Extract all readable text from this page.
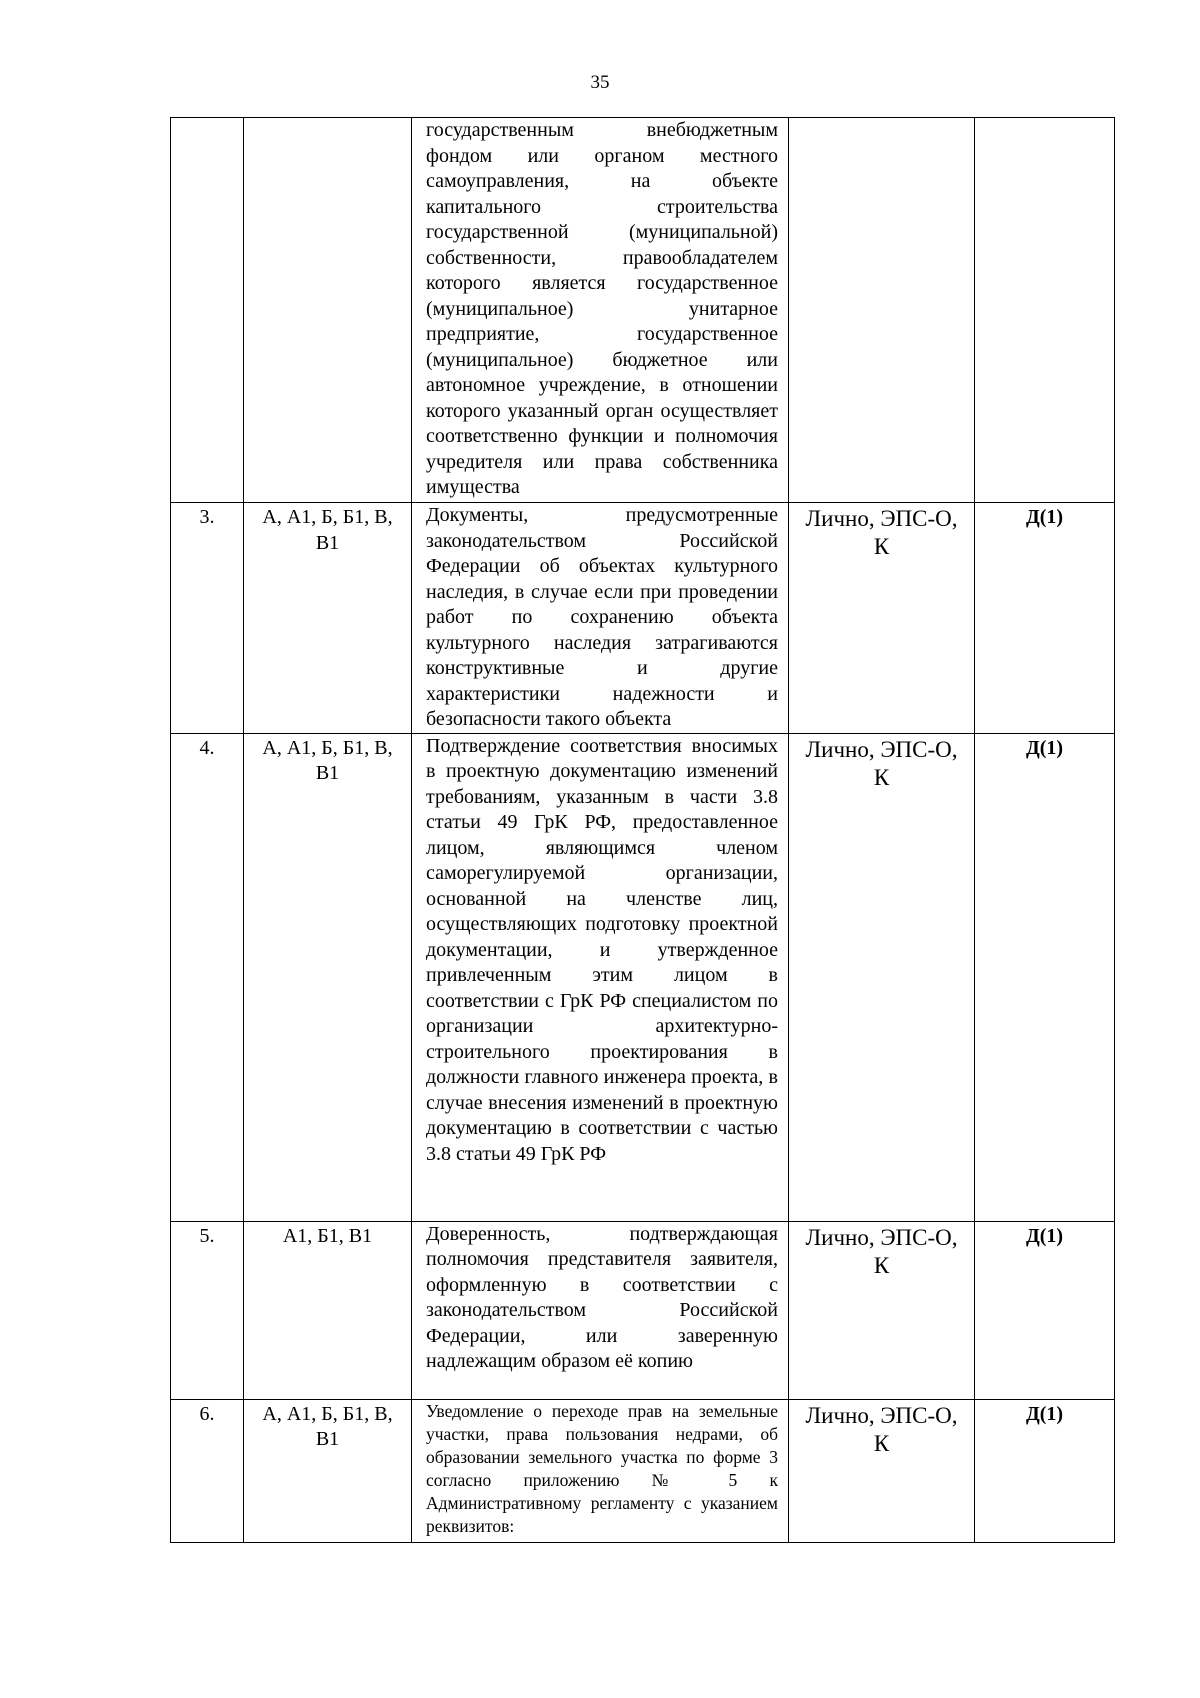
35
		государственным внебюджетным фондом или органом местного самоуправления, на объекте капитального строительства государственной (муниципальной) собственности, правообладателем которого является государственное (муниципальное) унитарное предприятие, государственное (муниципальное) бюджетное или автономное учреждение, в отношении которого указанный орган осуществляет соответственно функции и полномочия учредителя или права собственника имущества		
3.	А, А1, Б, Б1, В, В1	Документы, предусмотренные законодательством Российской Федерации об объектах культурного наследия, в случае если при проведении работ по сохранению объекта культурного наследия затрагиваются конструктивные и другие характеристики надежности и безопасности такого объекта	Лично, ЭПС-О, К	Д(1)
4.	А, А1, Б, Б1, В, В1	Подтверждение соответствия вносимых в проектную документацию изменений требованиям, указанным в части 3.8 статьи 49 ГрК РФ, предоставленное лицом, являющимся членом саморегулируемой организации, основанной на членстве лиц, осуществляющих подготовку проектной документации, и утвержденное привлеченным этим лицом в соответствии с ГрК РФ специалистом по организации архитектурно-строительного проектирования в должности главного инженера проекта, в случае внесения изменений в проектную документацию в соответствии с частью 3.8 статьи 49 ГрК РФ	Лично, ЭПС-О, К	Д(1)
5.	А1, Б1, В1	Доверенность, подтверждающая полномочия представителя заявителя, оформленную в соответствии с законодательством Российской Федерации, или заверенную надлежащим образом её копию	Лично, ЭПС-О, К	Д(1)
6.	А, А1, Б, Б1, В, В1	Уведомление о переходе прав на земельные участки, права пользования недрами, об образовании земельного участка по форме 3 согласно приложению № 5 к Административному регламенту с указанием реквизитов:	Лично, ЭПС-О, К	Д(1)
